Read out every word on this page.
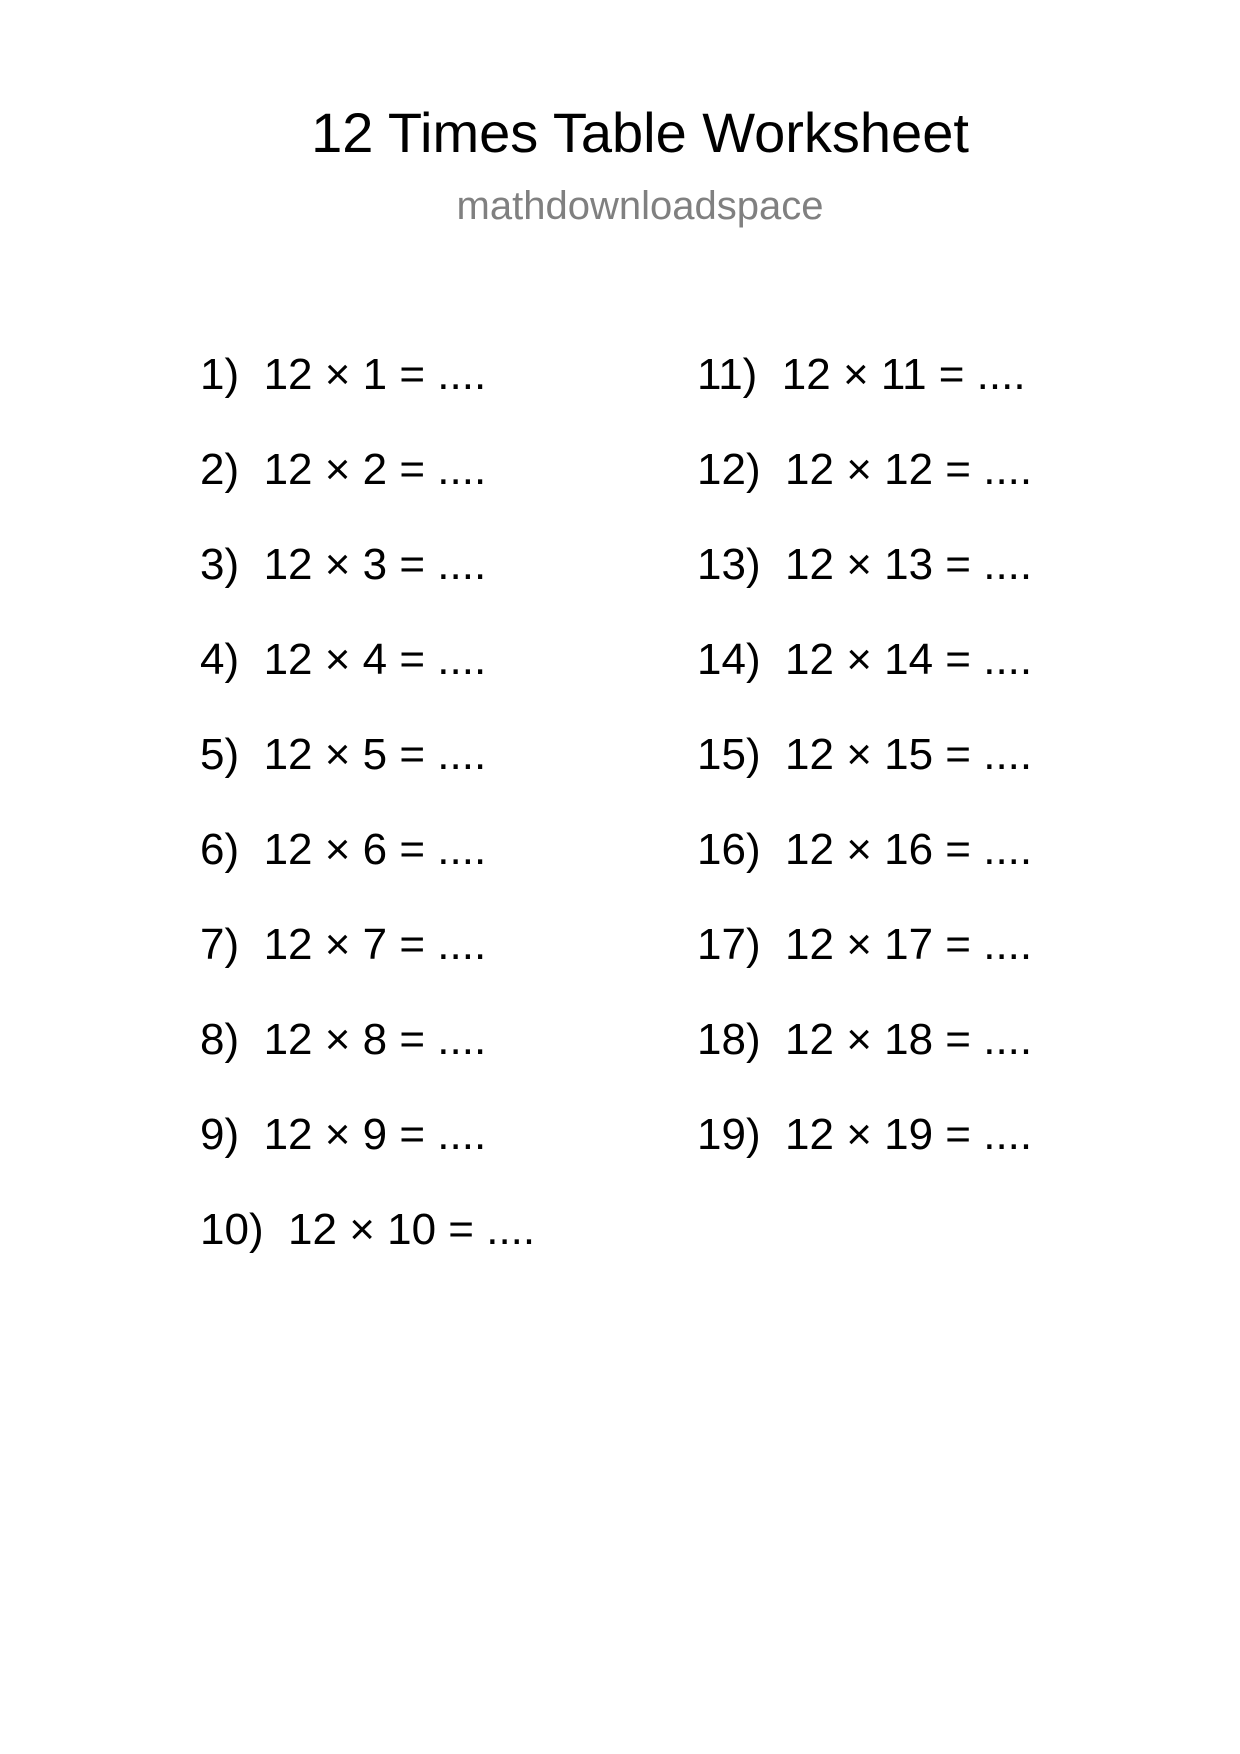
12 Times Table Worksheet
mathdownloadspace
1)  12 × 1 = ....
2)  12 × 2 = ....
3)  12 × 3 = ....
4)  12 × 4 = ....
5)  12 × 5 = ....
6)  12 × 6 = ....
7)  12 × 7 = ....
8)  12 × 8 = ....
9)  12 × 9 = ....
10)  12 × 10 = ....
11)  12 × 11 = ....
12)  12 × 12 = ....
13)  12 × 13 = ....
14)  12 × 14 = ....
15)  12 × 15 = ....
16)  12 × 16 = ....
17)  12 × 17 = ....
18)  12 × 18 = ....
19)  12 × 19 = ....
